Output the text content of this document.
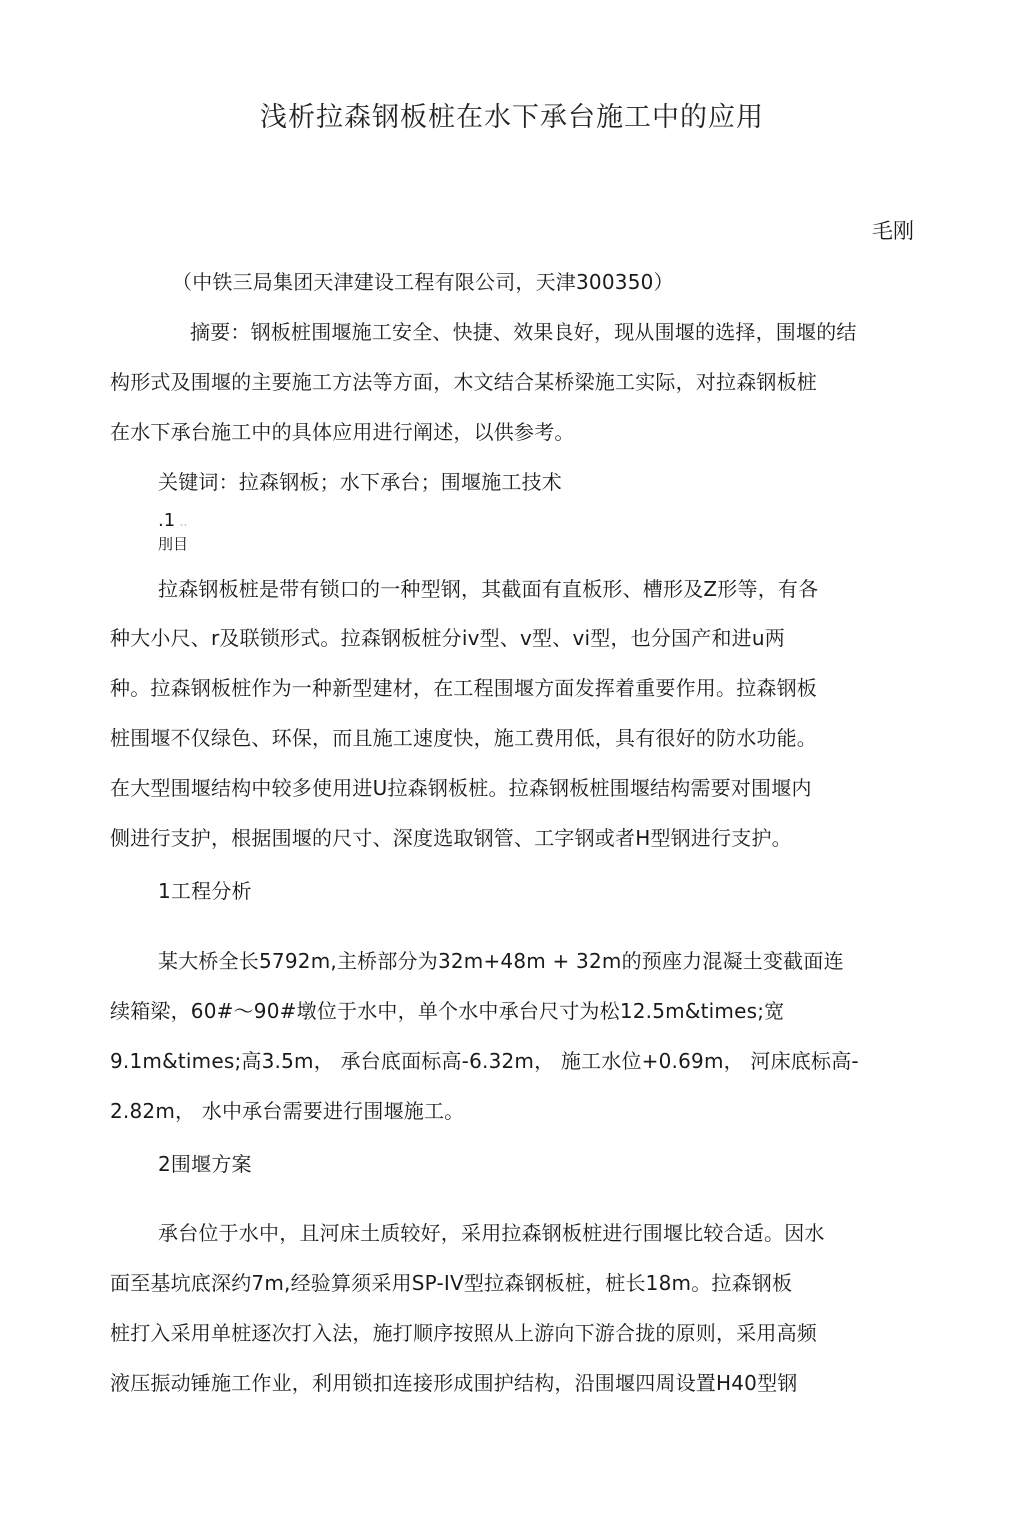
浅析拉森钢板桩在水下承台施工中的应用
毛刚
（中铁三局集团天津建设工程有限公司，天津300350）
摘要：钢板桩围堰施工安全、快捷、效果良好，现从围堰的选择，围堰的结
构形式及围堰的主要施工方法等方面，木文结合某桥梁施工实际，对拉森钢板桩
在水下承台施工中的具体应用进行阐述，以供参考。
关键词：拉森钢板；水下承台；围堰施工技术
.1 、、
刖目
拉森钢板桩是带有锁口的一种型钢，其截面有直板形、槽形及Z形等，有各
种大小尺、r及联锁形式。拉森钢板桩分iv型、v型、vi型，也分国产和进u两
种。拉森钢板桩作为一种新型建材，在工程围堰方面发挥着重要作用。拉森钢板
桩围堰不仅绿色、环保，而且施工速度快，施工费用低，具有很好的防水功能。
在大型围堰结构中较多使用进U拉森钢板桩。拉森钢板桩围堰结构需要对围堰内
侧进行支护，根据围堰的尺寸、深度选取钢管、工字钢或者H型钢进行支护。
1工程分析
某大桥全长5792m,主桥部分为32m+48m + 32m的预座力混凝土变截面连
续箱梁，60#～90#墩位于水中，单个水中承台尺寸为松12.5m&times;宽
9.1m&times;高3.5m， 承台底面标高-6.32m， 施工水位+0.69m， 河床底标高-
2.82m， 水中承台需要进行围堰施工。
2围堰方案
承台位于水中，且河床土质较好，采用拉森钢板桩进行围堰比较合适。因水
面至基坑底深约7m,经验算须采用SP-IV型拉森钢板桩，桩长18m。拉森钢板
桩打入采用单桩逐次打入法，施打顺序按照从上游向下游合拢的原则，采用高频
液压振动锤施工作业，利用锁扣连接形成围护结构，沿围堰四周设置H40型钢
